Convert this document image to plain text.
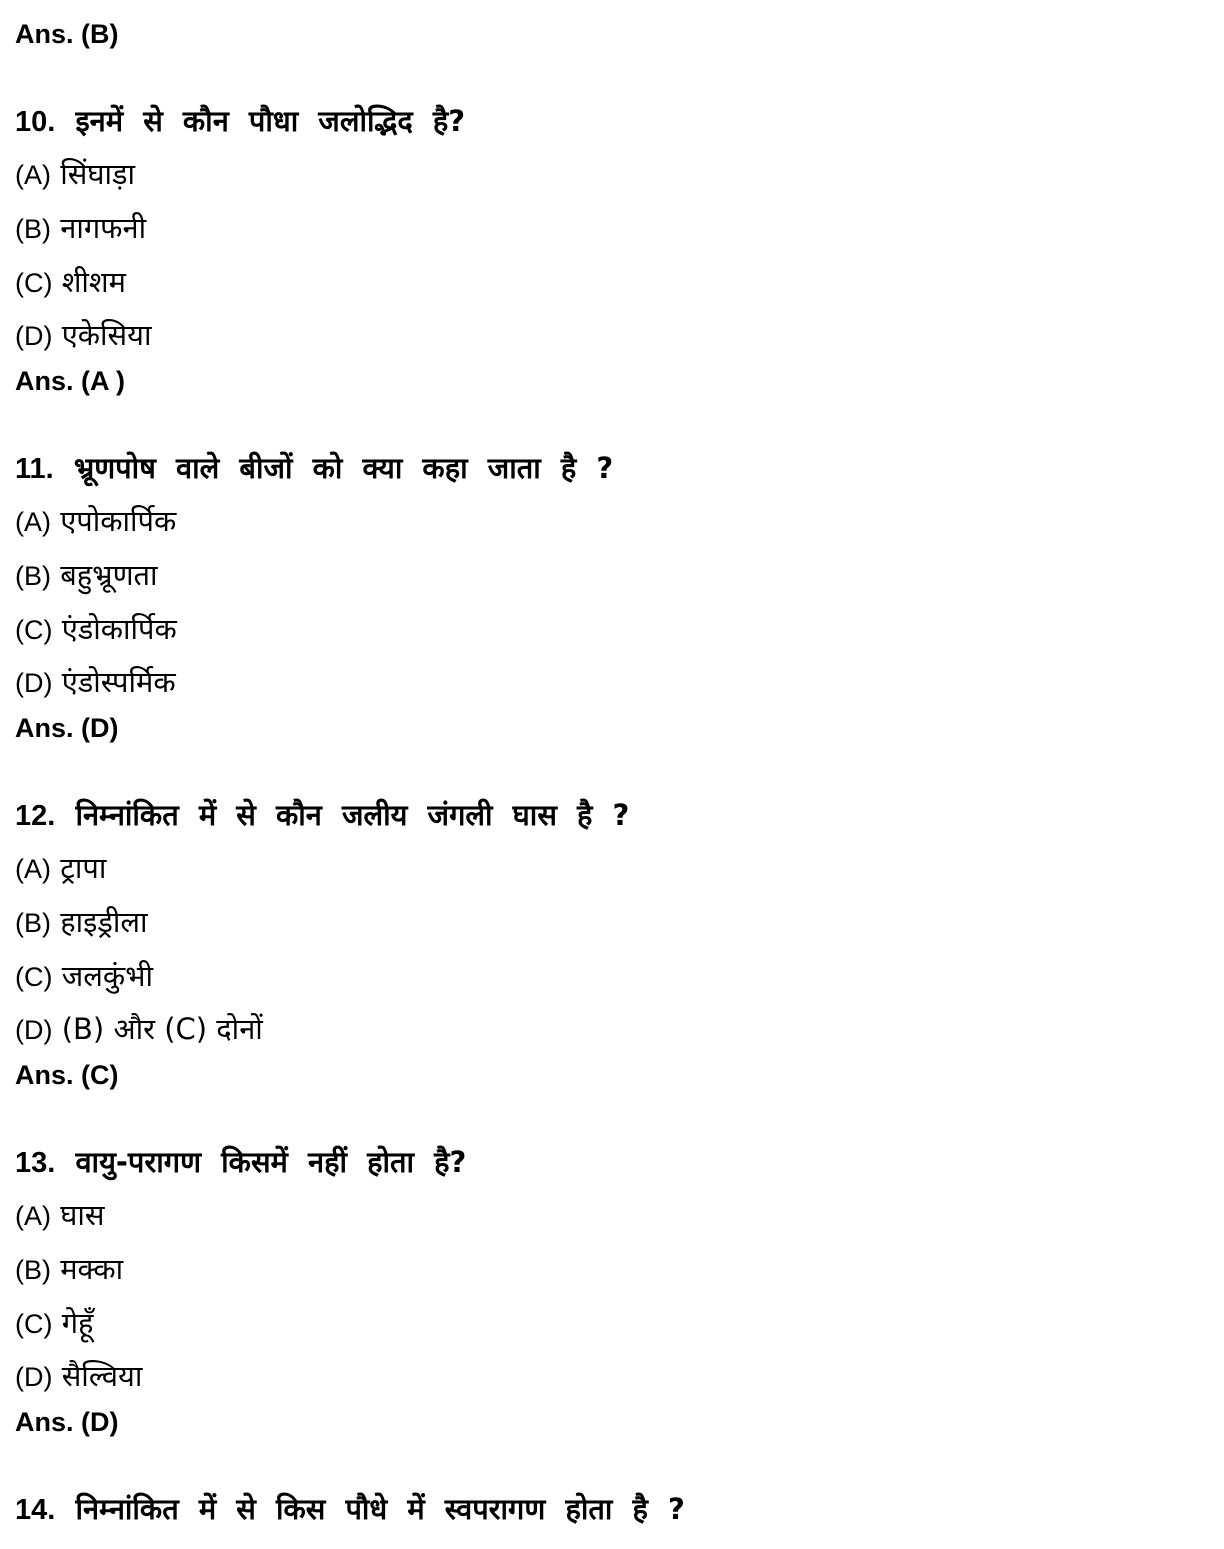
Ans. (B)
10. इनमें से कौन पौधा जलोद्भिद है?
(A) सिंघाड़ा
(B) नागफनी
(C) शीशम
(D) एकेसिया
Ans. (A )
11. भ्रूणपोष वाले बीजों को क्या कहा जाता है ?
(A) एपोकार्पिक
(B) बहुभ्रूणता
(C) एंडोकार्पिक
(D) एंडोस्पर्मिक
Ans. (D)
12. निम्नांकित में से कौन जलीय जंगली घास है ?
(A) ट्रापा
(B) हाइड्रीला
(C) जलकुंभी
(D) (B) और (C) दोनों
Ans. (C)
13. वायु-परागण किसमें नहीं होता है?
(A) घास
(B) मक्का
(C) गेहूँ
(D) सैल्विया
Ans. (D)
14. निम्नांकित में से किस पौधे में स्वपरागण होता है ?
